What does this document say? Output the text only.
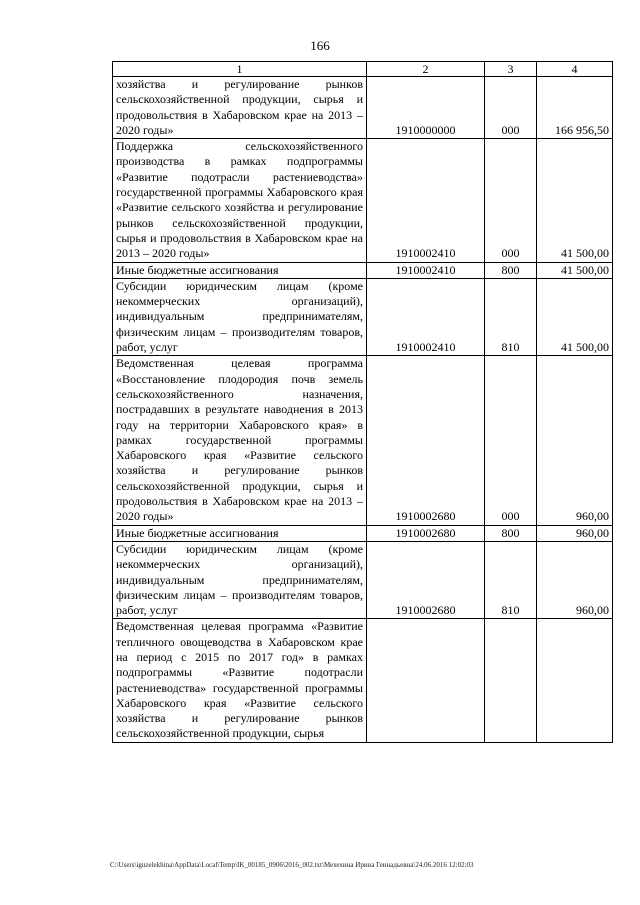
166
1	2	3	4
хозяйства и регулирование рынков сельскохозяйственной продукции, сырья и продовольствия в Хабаровском крае на 2013 – 2020 годы»	1910000000	000	166 956,50
Поддержка сельскохозяйственного производства в рамках подпрограммы «Развитие подотрасли растениеводства» государственной программы Хабаровского края «Развитие сельского хозяйства и регулирование рынков сельскохозяйственной продукции, сырья и продовольствия в Хабаровском крае на 2013 – 2020 годы»	1910002410	000	41 500,00
Иные бюджетные ассигнования	1910002410	800	41 500,00
Субсидии юридическим лицам (кроме некоммерческих организаций), индивидуальным предпринимателям, физическим лицам – производителям товаров, работ, услуг	1910002410	810	41 500,00
Ведомственная целевая программа «Восстановление плодородия почв земель сельскохозяйственного назначения, пострадавших в результате наводнения в 2013 году на территории Хабаровского края» в рамках государственной программы Хабаровского края «Развитие сельского хозяйства и регулирование рынков сельскохозяйственной продукции, сырья и продовольствия в Хабаровском крае на 2013 – 2020 годы»	1910002680	000	960,00
Иные бюджетные ассигнования	1910002680	800	960,00
Субсидии юридическим лицам (кроме некоммерческих организаций), индивидуальным предпринимателям, физическим лицам – производителям товаров, работ, услуг	1910002680	810	960,00
Ведомственная целевая программа «Развитие тепличного овощеводства в Хабаровском крае на период с 2015 по 2017 год» в рамках подпрограммы «Развитие подотрасли растениеводства» государственной программы Хабаровского края «Развитие сельского хозяйства и регулирование рынков сельскохозяйственной продукции, сырья			
C:\Users\iguzelekhina\AppData\Local\Temp\IK_00185_0906\2016_002.txt\Мехехина Ирина Геннадьевна\24.06.2016 12:02:03
